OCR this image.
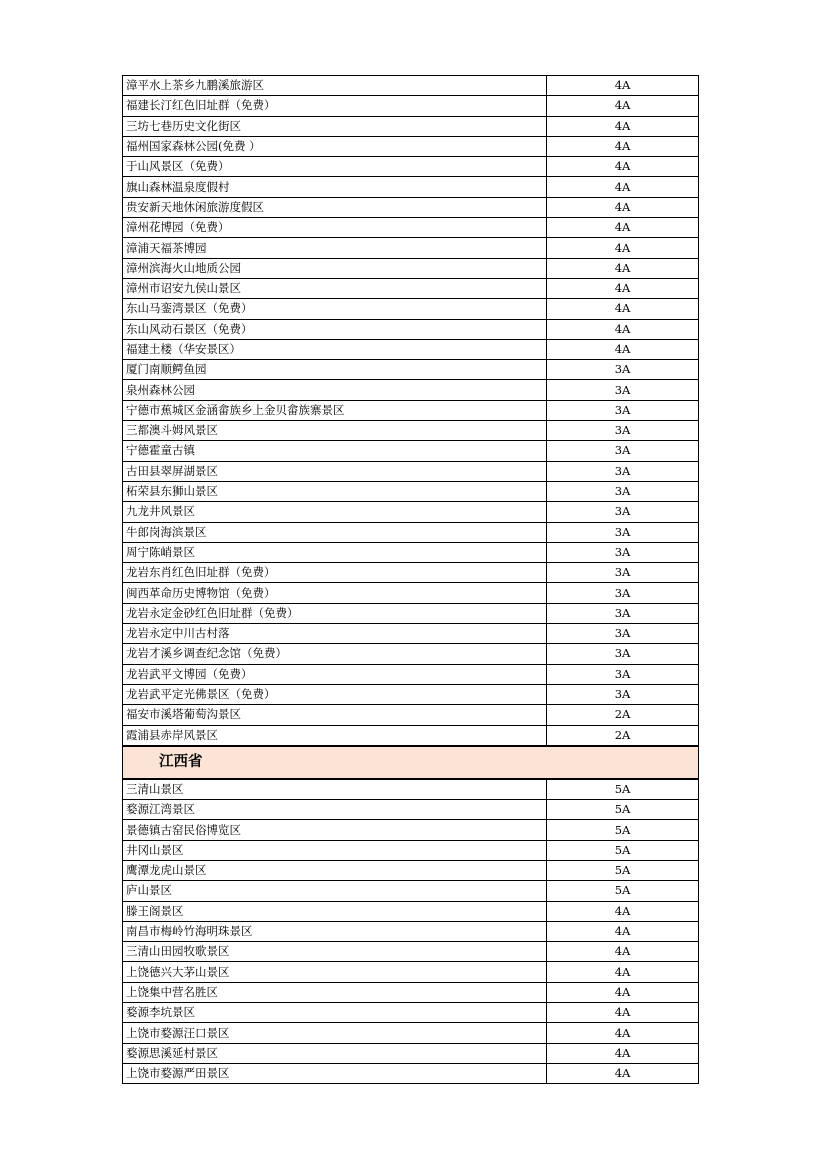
漳平水上茶乡九鹏溪旅游区	4A
福建长汀红色旧址群（免费）	4A
三坊七巷历史文化街区	4A
福州国家森林公园(免费 ）	4A
于山风景区（免费）	4A
旗山森林温泉度假村	4A
贵安新天地休闲旅游度假区	4A
漳州花博园（免费）	4A
漳浦天福茶博园	4A
漳州滨海火山地质公园	4A
漳州市诏安九侯山景区	4A
东山马銮湾景区（免费）	4A
东山风动石景区（免费）	4A
福建土楼（华安景区）	4A
厦门南顺鳄鱼园	3A
泉州森林公园	3A
宁德市蕉城区金涵畲族乡上金贝畲族寨景区	3A
三都澳斗姆风景区	3A
宁德霍童古镇	3A
古田县翠屏湖景区	3A
柘荣县东狮山景区	3A
九龙井风景区	3A
牛郎岗海滨景区	3A
周宁陈峭景区	3A
龙岩东肖红色旧址群（免费）	3A
闽西革命历史博物馆（免费）	3A
龙岩永定金砂红色旧址群（免费）	3A
龙岩永定中川古村落	3A
龙岩才溪乡调查纪念馆（免费）	3A
龙岩武平文博园（免费）	3A
龙岩武平定光佛景区（免费）	3A
福安市溪塔葡萄沟景区	2A
霞浦县赤岸风景区	2A
江西省	
三清山景区	5A
婺源江湾景区	5A
景德镇古窑民俗博览区	5A
井冈山景区	5A
鹰潭龙虎山景区	5A
庐山景区	5A
滕王阁景区	4A
南昌市梅岭竹海明珠景区	4A
三清山田园牧歌景区	4A
上饶德兴大茅山景区	4A
上饶集中营名胜区	4A
婺源李坑景区	4A
上饶市婺源汪口景区	4A
婺源思溪延村景区	4A
上饶市婺源严田景区	4A
